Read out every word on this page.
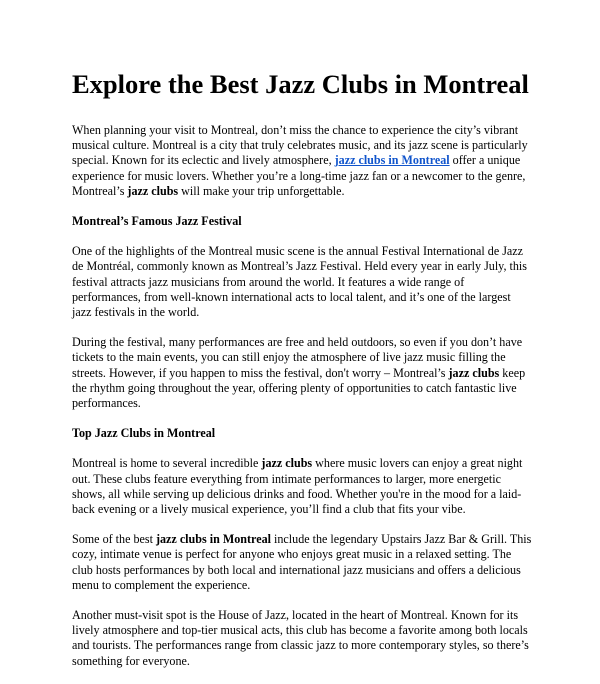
Explore the Best Jazz Clubs in Montreal

When planning your visit to Montreal, don’t miss the chance to experience the city’s vibrant musical culture. Montreal is a city that truly celebrates music, and its jazz scene is particularly special. Known for its eclectic and lively atmosphere, jazz clubs in Montreal offer a unique experience for music lovers. Whether you’re a long-time jazz fan or a newcomer to the genre, Montreal’s jazz clubs will make your trip unforgettable.

Montreal’s Famous Jazz Festival

One of the highlights of the Montreal music scene is the annual Festival International de Jazz de Montréal, commonly known as Montreal’s Jazz Festival. Held every year in early July, this festival attracts jazz musicians from around the world. It features a wide range of performances, from well-known international acts to local talent, and it’s one of the largest jazz festivals in the world.

During the festival, many performances are free and held outdoors, so even if you don’t have tickets to the main events, you can still enjoy the atmosphere of live jazz music filling the streets. However, if you happen to miss the festival, don't worry – Montreal’s jazz clubs keep the rhythm going throughout the year, offering plenty of opportunities to catch fantastic live performances.

Top Jazz Clubs in Montreal

Montreal is home to several incredible jazz clubs where music lovers can enjoy a great night out. These clubs feature everything from intimate performances to larger, more energetic shows, all while serving up delicious drinks and food. Whether you're in the mood for a laid-back evening or a lively musical experience, you’ll find a club that fits your vibe.

Some of the best jazz clubs in Montreal include the legendary Upstairs Jazz Bar & Grill. This cozy, intimate venue is perfect for anyone who enjoys great music in a relaxed setting. The club hosts performances by both local and international jazz musicians and offers a delicious menu to complement the experience.

Another must-visit spot is the House of Jazz, located in the heart of Montreal. Known for its lively atmosphere and top-tier musical acts, this club has become a favorite among both locals and tourists. The performances range from classic jazz to more contemporary styles, so there’s something for everyone.
